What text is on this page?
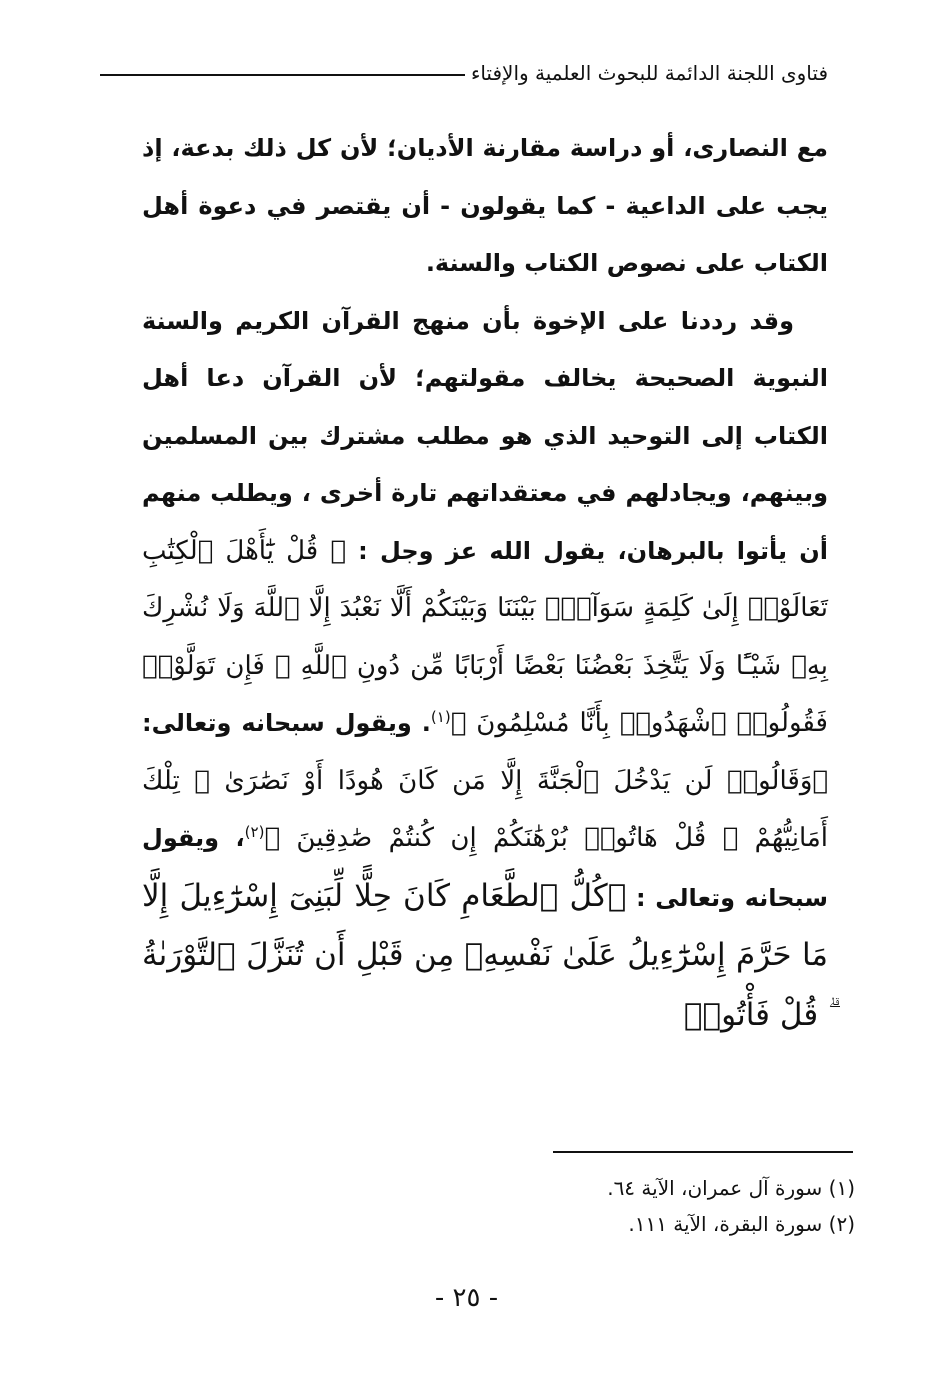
فتاوى اللجنة الدائمة للبحوث العلمية والإفتاء

مع النصارى، أو دراسة مقارنة الأديان؛ لأن كل ذلك بدعة، إذ يجب على الداعية - كما يقولون - أن يقتصر في دعوة أهل الكتاب على نصوص الكتاب والسنة.

وقد رددنا على الإخوة بأن منهج القرآن الكريم والسنة النبوية الصحيحة يخالف مقولتهم؛ لأن القرآن دعا أهل الكتاب إلى التوحيد الذي هو مطلب مشترك بين المسلمين وبينهم، ويجادلهم في معتقداتهم تارة أخرى ، ويطلب منهم أن يأتوا بالبرهان، يقول الله عز وجل : ﴿ قُلْ يَٰٓأَهْلَ ٱلْكِتَٰبِ تَعَالَوْا۟ إِلَىٰ كَلِمَةٍ سَوَآءٍۭ بَيْنَنَا وَبَيْنَكُمْ أَلَّا نَعْبُدَ إِلَّا ٱللَّهَ وَلَا نُشْرِكَ بِهِۦ شَيْـًٔا وَلَا يَتَّخِذَ بَعْضُنَا بَعْضًا أَرْبَابًا مِّن دُونِ ٱللَّهِ ۚ فَإِن تَوَلَّوْا۟ فَقُولُوا۟ ٱشْهَدُوا۟ بِأَنَّا مُسْلِمُونَ ﴾$^{(١)}$. ويقول سبحانه وتعالى: ﴿وَقَالُوا۟ لَن يَدْخُلَ ٱلْجَنَّةَ إِلَّا مَن كَانَ هُودًا أَوْ نَصَٰرَىٰ ۗ تِلْكَ أَمَانِيُّهُمْ ۗ قُلْ هَاتُوا۟ بُرْهَٰنَكُمْ إِن كُنتُمْ صَٰدِقِينَ ﴾$^{(٢)}$، ويقول سبحانه وتعالى : ﴿كُلُّ ٱلطَّعَامِ كَانَ حِلًّا لِّبَنِىٓ إِسْرَٰٓءِيلَ إِلَّا مَا حَرَّمَ إِسْرَٰٓءِيلُ عَلَىٰ نَفْسِهِۦ مِن قَبْلِ أَن تُنَزَّلَ ٱلتَّوْرَىٰةُ ۗ قُلْ فَأْتُوا۟

(١) سورة آل عمران، الآية ٦٤.
(٢) سورة البقرة، الآية ١١١.
- ٢٥ -
